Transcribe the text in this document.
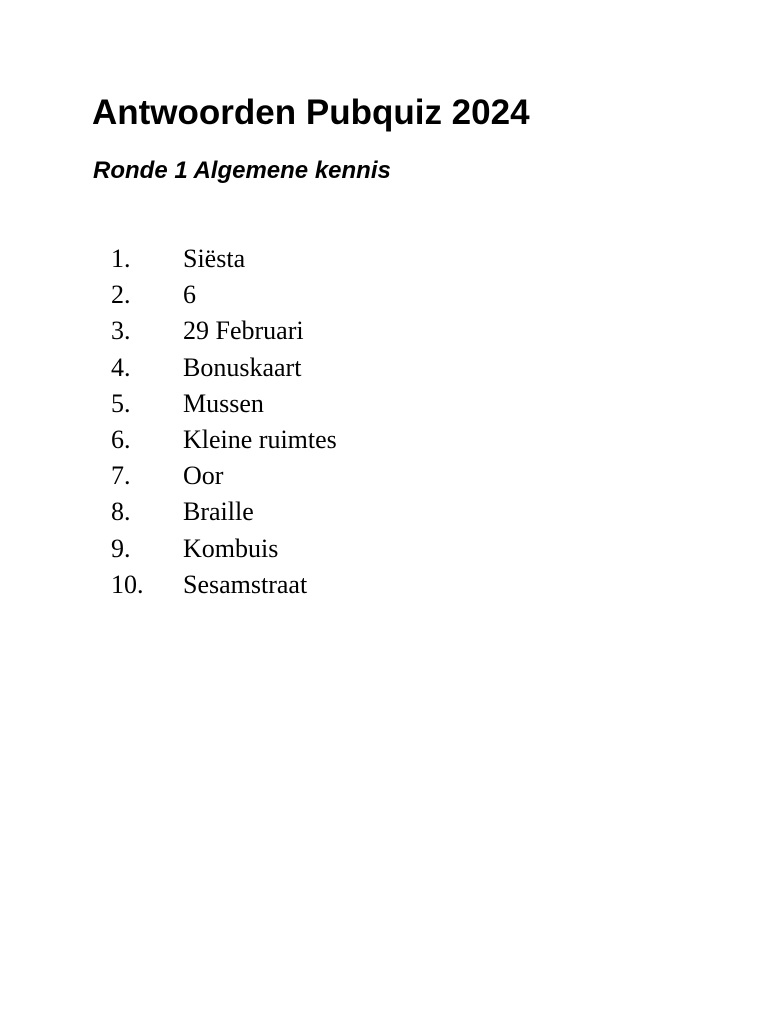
Antwoorden Pubquiz 2024
Ronde 1 Algemene kennis
1.	Siësta
2.	6
3.	29 Februari
4.	Bonuskaart
5.	Mussen
6.	Kleine ruimtes
7.	Oor
8.	Braille
9.	Kombuis
10.	Sesamstraat
